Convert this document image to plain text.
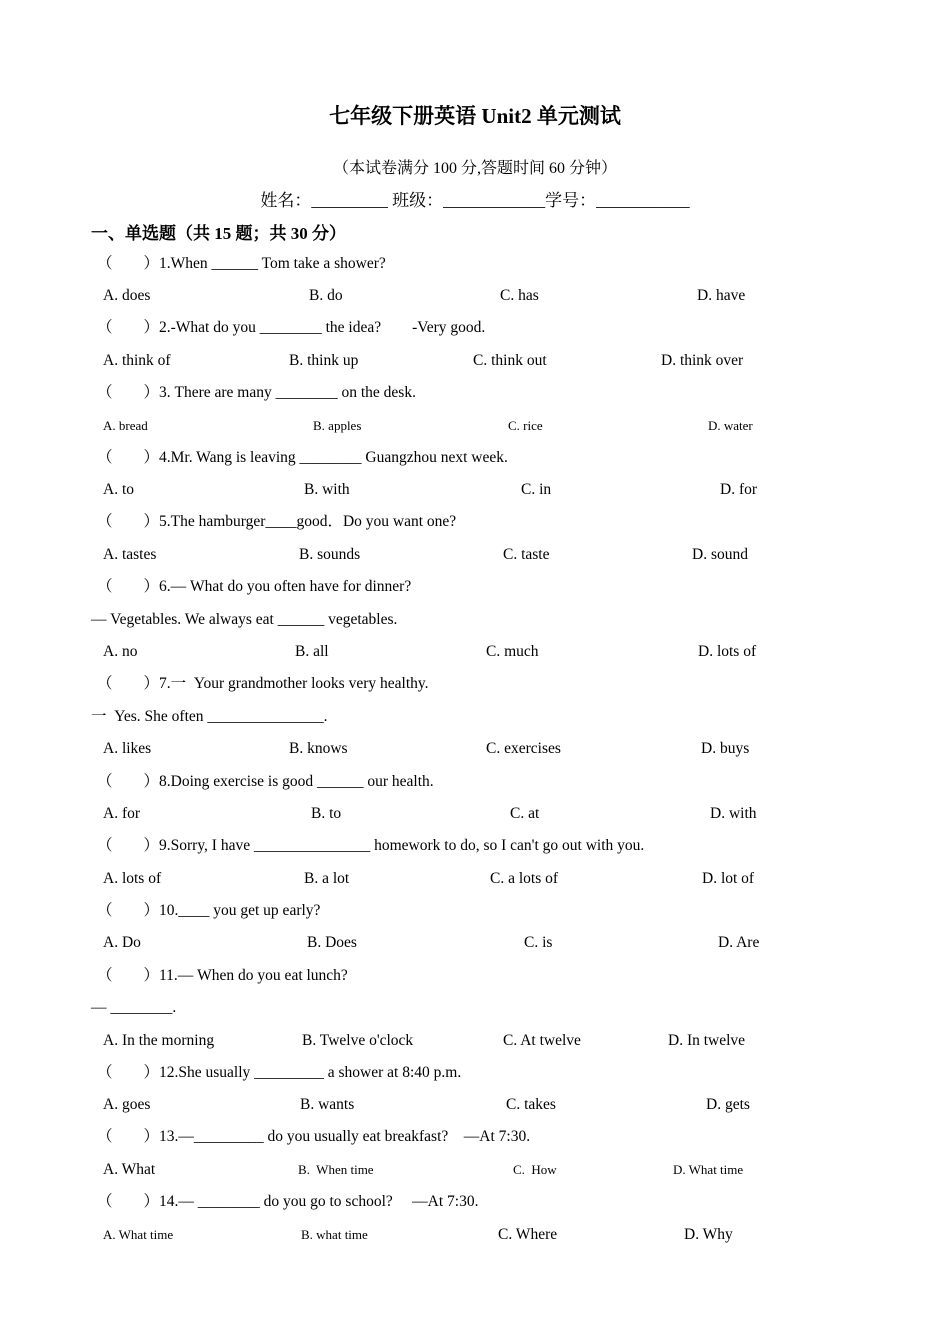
七年级下册英语 Unit2 单元测试
（本试卷满分 100 分,答题时间 60 分钟）
姓名：_________ 班级：____________学号：___________
一、单选题（共 15 题；共 30 分）
（        ）1.When ______ Tom take a shower?
A. does	B. do	C. has	D. have
（        ）2.-What do you ________ the idea?        -Very good.
A. think of	B. think up	C. think out	D. think over
（        ）3. There are many ________ on the desk.
A. bread	B. apples	C. rice	D. water
（        ）4.Mr. Wang is leaving ________ Guangzhou next week.
A. to	B. with	C. in	D. for
（        ）5.The hamburger____good．Do you want one?
A. tastes	B. sounds	C. taste	D. sound
（        ）6.— What do you often have for dinner?
— Vegetables. We always eat ______ vegetables.
A. no	B. all	C. much	D. lots of
（        ）7.一  Your grandmother looks very healthy.
一  Yes. She often _______________.
A. likes	B. knows	C. exercises	D. buys
（        ）8.Doing exercise is good ______ our health.
A. for	B. to	C. at	D. with
（        ）9.Sorry, I have _______________ homework to do, so I can't go out with you.
A. lots of	B. a lot	C. a lots of	D. lot of
（        ）10.____ you get up early?
A. Do	B. Does	C. is	D. Are
（        ）11.— When do you eat lunch?
— ________.
A. In the morning	B. Twelve o'clock	C. At twelve	D. In twelve
（        ）12.She usually _________ a shower at 8:40 p.m.
A. goes	B. wants	C. takes	D. gets
（        ）13.—_________ do you usually eat breakfast?    —At 7:30.
A. What	B.  When time	C.  How	D. What time
（        ）14.— ________ do you go to school?     —At 7:30.
A. What time	B. what time	C. Where	D. Why
